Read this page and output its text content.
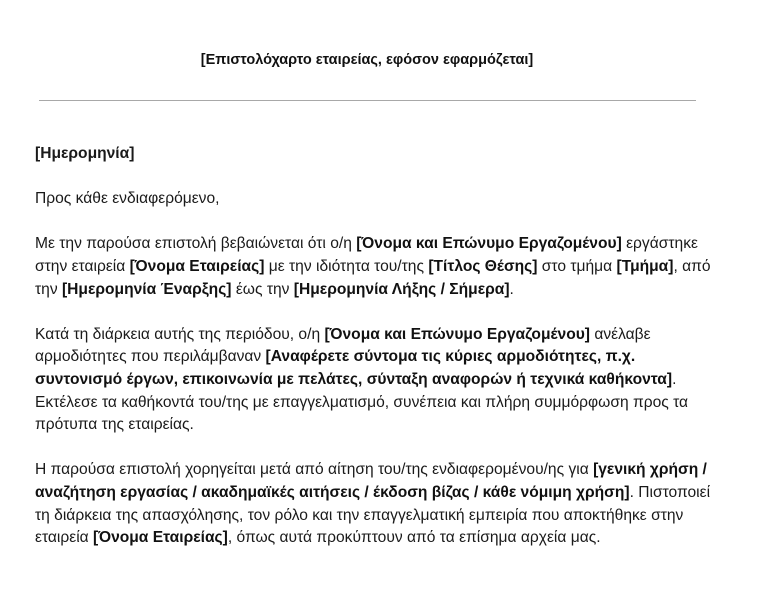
[Επιστολόχαρτο εταιρείας, εφόσον εφαρμόζεται]

[Ημερομηνία]

Προς κάθε ενδιαφερόμενο,

Με την παρούσα επιστολή βεβαιώνεται ότι ο/η [Όνομα και Επώνυμο Εργαζομένου] εργάστηκε στην εταιρεία [Όνομα Εταιρείας] με την ιδιότητα του/της [Τίτλος Θέσης] στο τμήμα [Τμήμα], από την [Ημερομηνία Έναρξης] έως την [Ημερομηνία Λήξης / Σήμερα].

Κατά τη διάρκεια αυτής της περιόδου, ο/η [Όνομα και Επώνυμο Εργαζομένου] ανέλαβε αρμοδιότητες που περιλάμβαναν [Αναφέρετε σύντομα τις κύριες αρμοδιότητες, π.χ. συντονισμό έργων, επικοινωνία με πελάτες, σύνταξη αναφορών ή τεχνικά καθήκοντα]. Εκτέλεσε τα καθήκοντά του/της με επαγγελματισμό, συνέπεια και πλήρη συμμόρφωση προς τα πρότυπα της εταιρείας.

Η παρούσα επιστολή χορηγείται μετά από αίτηση του/της ενδιαφερομένου/ης για [γενική χρήση / αναζήτηση εργασίας / ακαδημαϊκές αιτήσεις / έκδοση βίζας / κάθε νόμιμη χρήση]. Πιστοποιεί τη διάρκεια της απασχόλησης, τον ρόλο και την επαγγελματική εμπειρία που αποκτήθηκε στην εταιρεία [Όνομα Εταιρείας], όπως αυτά προκύπτουν από τα επίσημα αρχεία μας.
